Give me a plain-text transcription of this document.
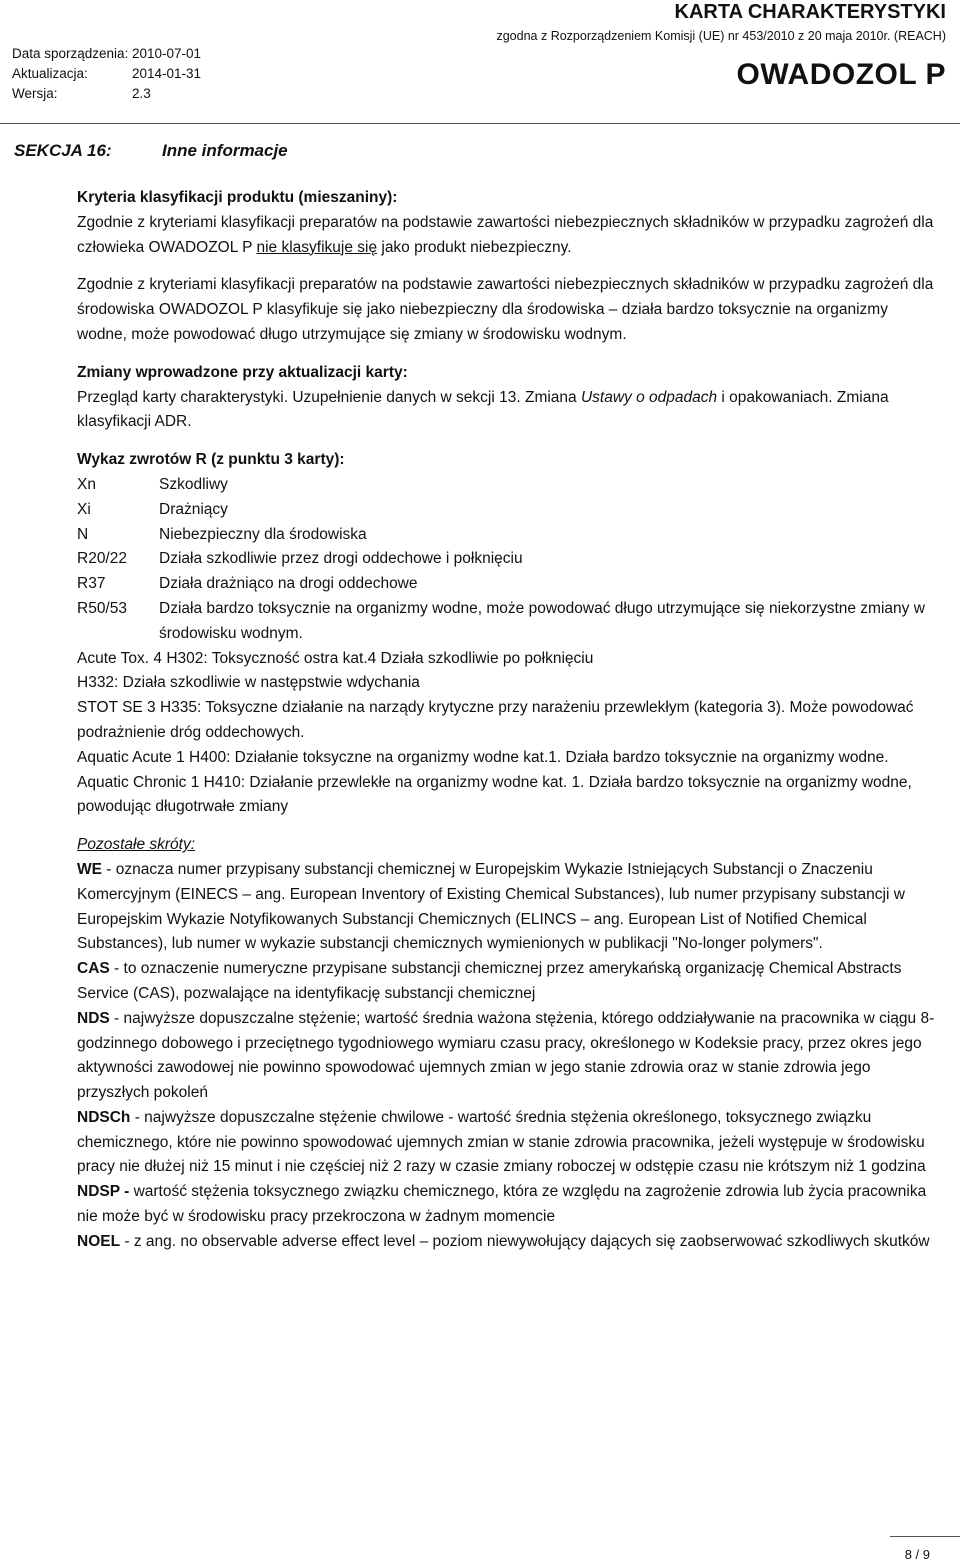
Data sporządzenia: 2010-07-01
Aktualizacja:	2014-01-31
Wersja:	2.3
KARTA CHARAKTERYSTYKI
zgodna z Rozporządzeniem Komisji (UE) nr 453/2010 z 20 maja 2010r. (REACH)
OWADOZOL P
SEKCJA 16:	Inne informacje

Kryteria klasyfikacji produktu (mieszaniny):

Zgodnie z kryteriami klasyfikacji preparatów na podstawie zawartości niebezpiecznych składników w przypadku zagrożeń dla człowieka OWADOZOL P nie klasyfikuje się jako produkt niebezpieczny.

Zgodnie z kryteriami klasyfikacji preparatów na podstawie zawartości niebezpiecznych składników w przypadku zagrożeń dla środowiska OWADOZOL P klasyfikuje się jako niebezpieczny dla środowiska – działa bardzo toksycznie na organizmy wodne, może powodować długo utrzymujące się zmiany w środowisku wodnym.

Zmiany wprowadzone przy aktualizacji karty:

Przegląd karty charakterystyki. Uzupełnienie danych w sekcji 13. Zmiana Ustawy o odpadach i opakowaniach. Zmiana klasyfikacji ADR.

Wykaz zwrotów R (z punktu 3 karty):

Xn	Szkodliwy
Xi	Drażniący
N	Niebezpieczny dla środowiska
R20/22	Działa szkodliwie przez drogi oddechowe i połknięciu
R37	Działa drażniąco na drogi oddechowe
R50/53	Działa bardzo toksycznie na organizmy wodne, może powodować długo utrzymujące się niekorzystne zmiany w środowisku wodnym.

Acute Tox. 4 H302: Toksyczność ostra kat.4 Działa szkodliwie po połknięciu

H332: Działa szkodliwie w następstwie wdychania

STOT SE 3 H335: Toksyczne działanie na narządy krytyczne przy narażeniu przewlekłym (kategoria 3). Może powodować podrażnienie dróg oddechowych.

Aquatic Acute 1 H400: Działanie toksyczne na organizmy wodne kat.1. Działa bardzo toksycznie na organizmy wodne.

Aquatic Chronic 1 H410: Działanie przewlekłe na organizmy wodne kat. 1. Działa bardzo toksycznie na organizmy wodne, powodując długotrwałe zmiany

Pozostałe skróty:

WE - oznacza numer przypisany substancji chemicznej w Europejskim Wykazie Istniejących Substancji o Znaczeniu Komercyjnym (EINECS – ang. European Inventory of Existing Chemical Substances), lub numer przypisany substancji w Europejskim Wykazie Notyfikowanych Substancji Chemicznych (ELINCS – ang. European List of Notified Chemical Substances), lub numer w wykazie substancji chemicznych wymienionych w publikacji "No-longer polymers".

CAS - to oznaczenie numeryczne przypisane substancji chemicznej przez amerykańską organizację Chemical Abstracts Service (CAS), pozwalające na identyfikację substancji chemicznej

NDS - najwyższe dopuszczalne stężenie; wartość średnia ważona stężenia, którego oddziaływanie na pracownika w ciągu 8-godzinnego dobowego i przeciętnego tygodniowego wymiaru czasu pracy, określonego w Kodeksie pracy, przez okres jego aktywności zawodowej nie powinno spowodować ujemnych zmian w jego stanie zdrowia oraz w stanie zdrowia jego przyszłych pokoleń

NDSCh - najwyższe dopuszczalne stężenie chwilowe - wartość średnia stężenia określonego, toksycznego związku chemicznego, które nie powinno spowodować ujemnych zmian w stanie zdrowia pracownika, jeżeli występuje w środowisku pracy nie dłużej niż 15 minut i nie częściej niż 2 razy w czasie zmiany roboczej w odstępie czasu nie krótszym niż 1 godzina

NDSP - wartość stężenia toksycznego związku chemicznego, która ze względu na zagrożenie zdrowia lub życia pracownika nie może być w środowisku pracy przekroczona w żadnym momencie

NOEL - z ang. no observable adverse effect level – poziom niewywołujący dających się zaobserwować szkodliwych skutków

8 / 9
